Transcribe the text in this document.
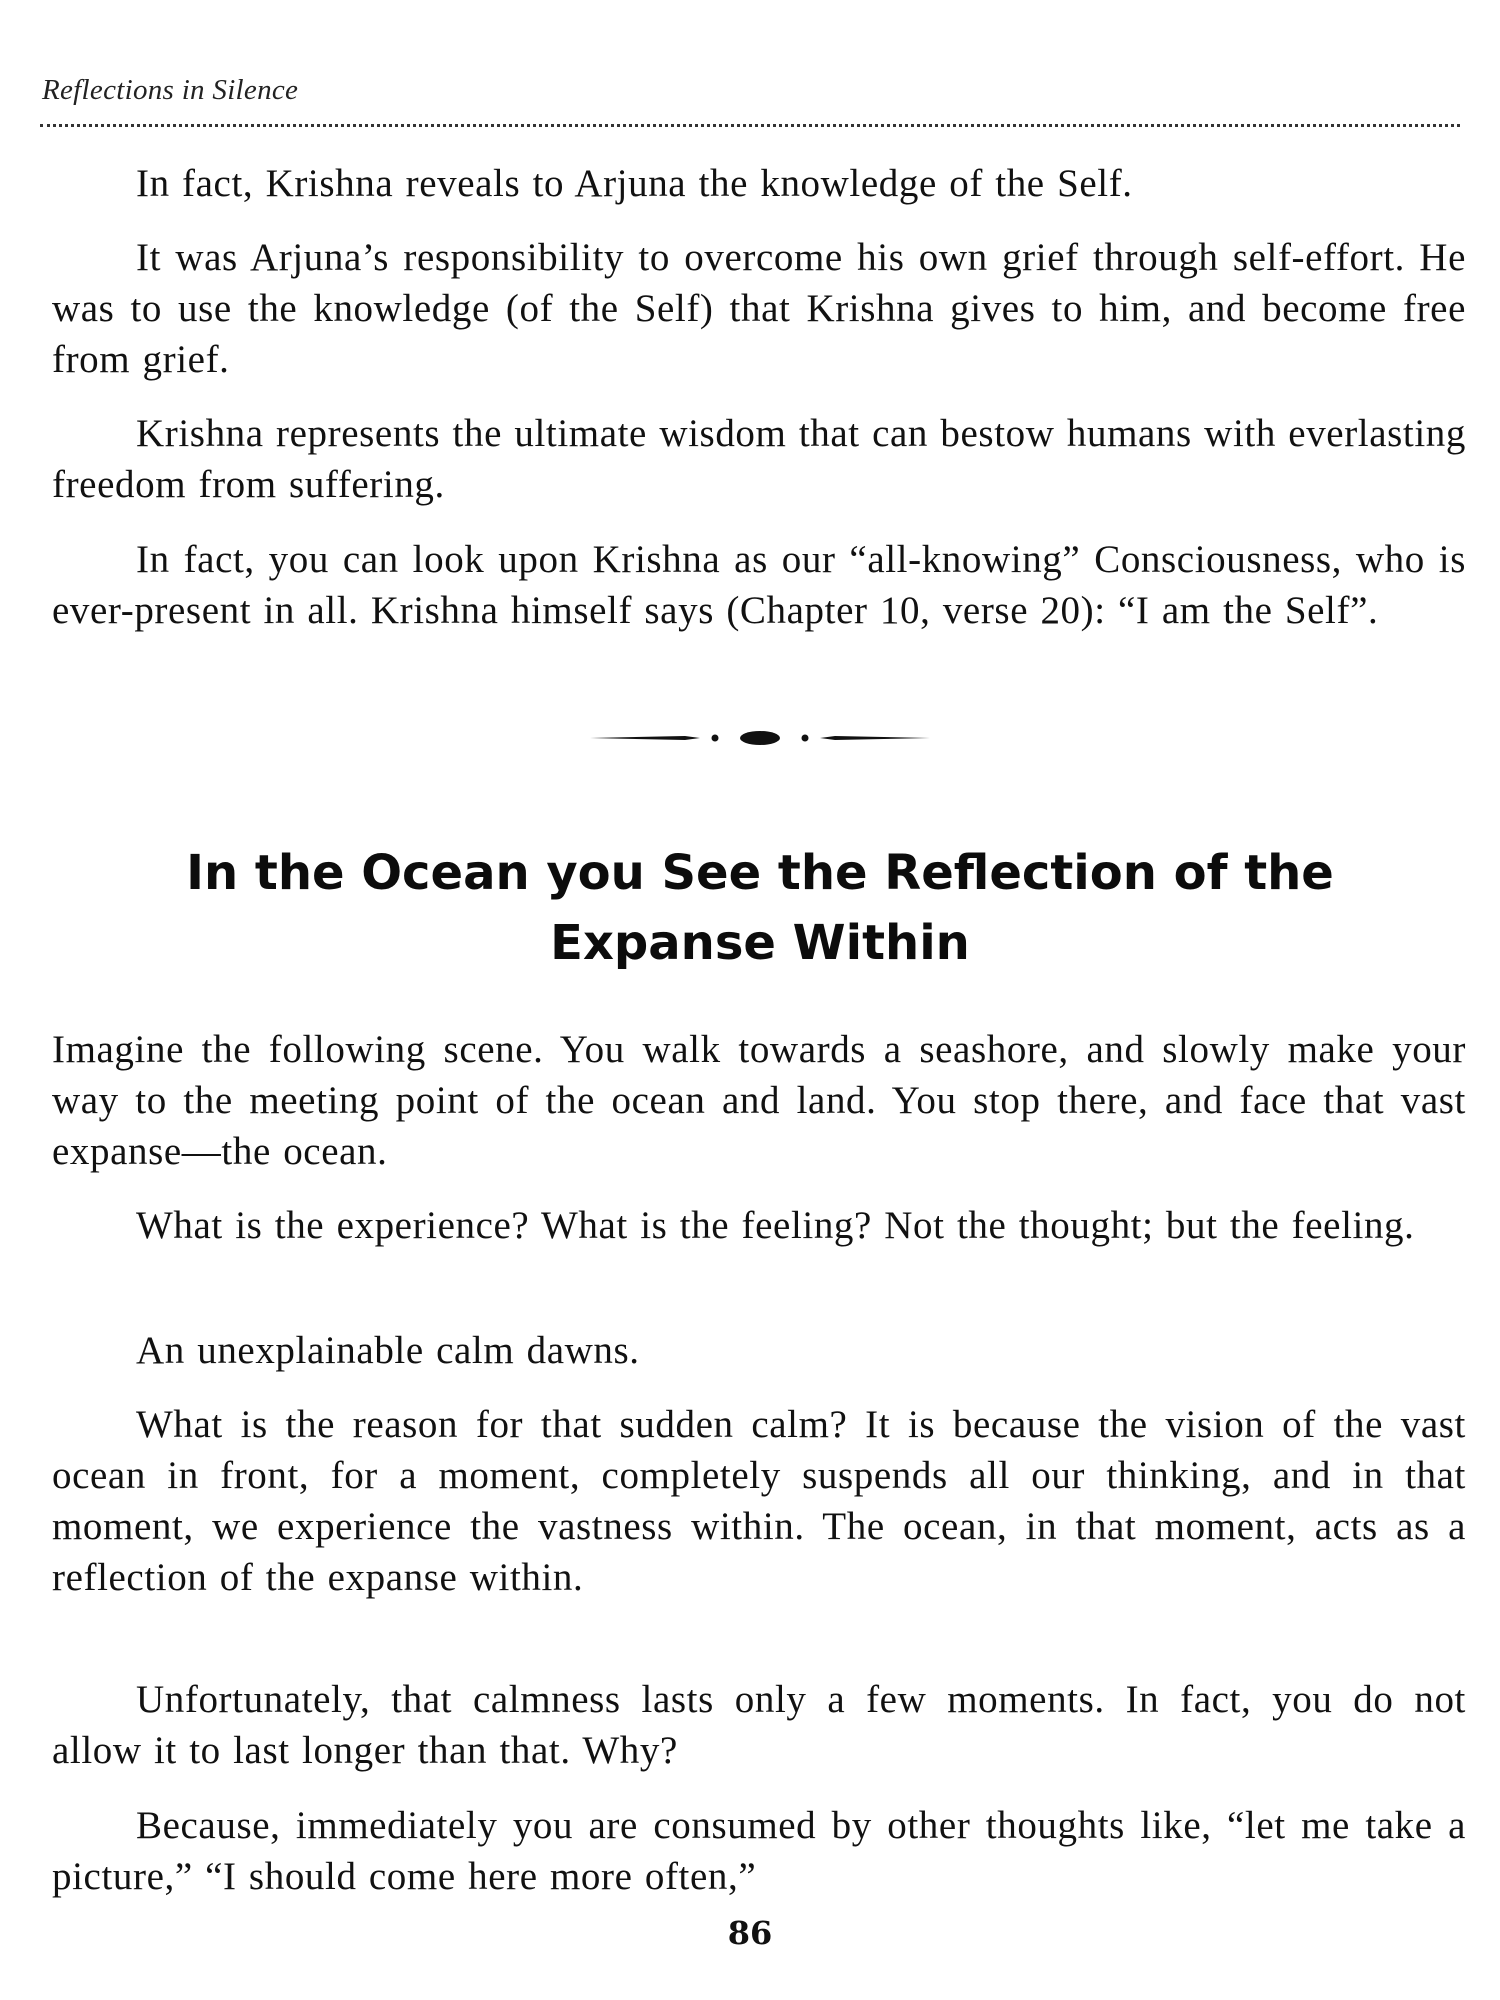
Reflections in Silence

In fact, Krishna reveals to Arjuna the knowledge of the Self.

It was Arjuna’s responsibility to overcome his own grief through self-effort. He was to use the knowledge (of the Self) that Krishna gives to him, and become free from grief.

Krishna represents the ultimate wisdom that can bestow humans with everlasting freedom from suffering.

In fact, you can look upon Krishna as our “all-knowing” Consciousness, who is ever-present in all. Krishna himself says (Chapter 10, verse 20): “I am the Self”.

In the Ocean you See the Reflection of the
Expanse Within

Imagine the following scene. You walk towards a seashore, and slowly make your way to the meeting point of the ocean and land. You stop there, and face that vast expanse—the ocean.

What is the experience? What is the feeling? Not the thought; but the feeling.

An unexplainable calm dawns.

What is the reason for that sudden calm? It is because the vision of the vast ocean in front, for a moment, completely suspends all our thinking, and in that moment, we experience the vastness within. The ocean, in that moment, acts as a reflection of the expanse within.

Unfortunately, that calmness lasts only a few moments. In fact, you do not allow it to last longer than that. Why?

Because, immediately you are consumed by other thoughts like, “let me take a picture,” “I should come here more often,”

86
